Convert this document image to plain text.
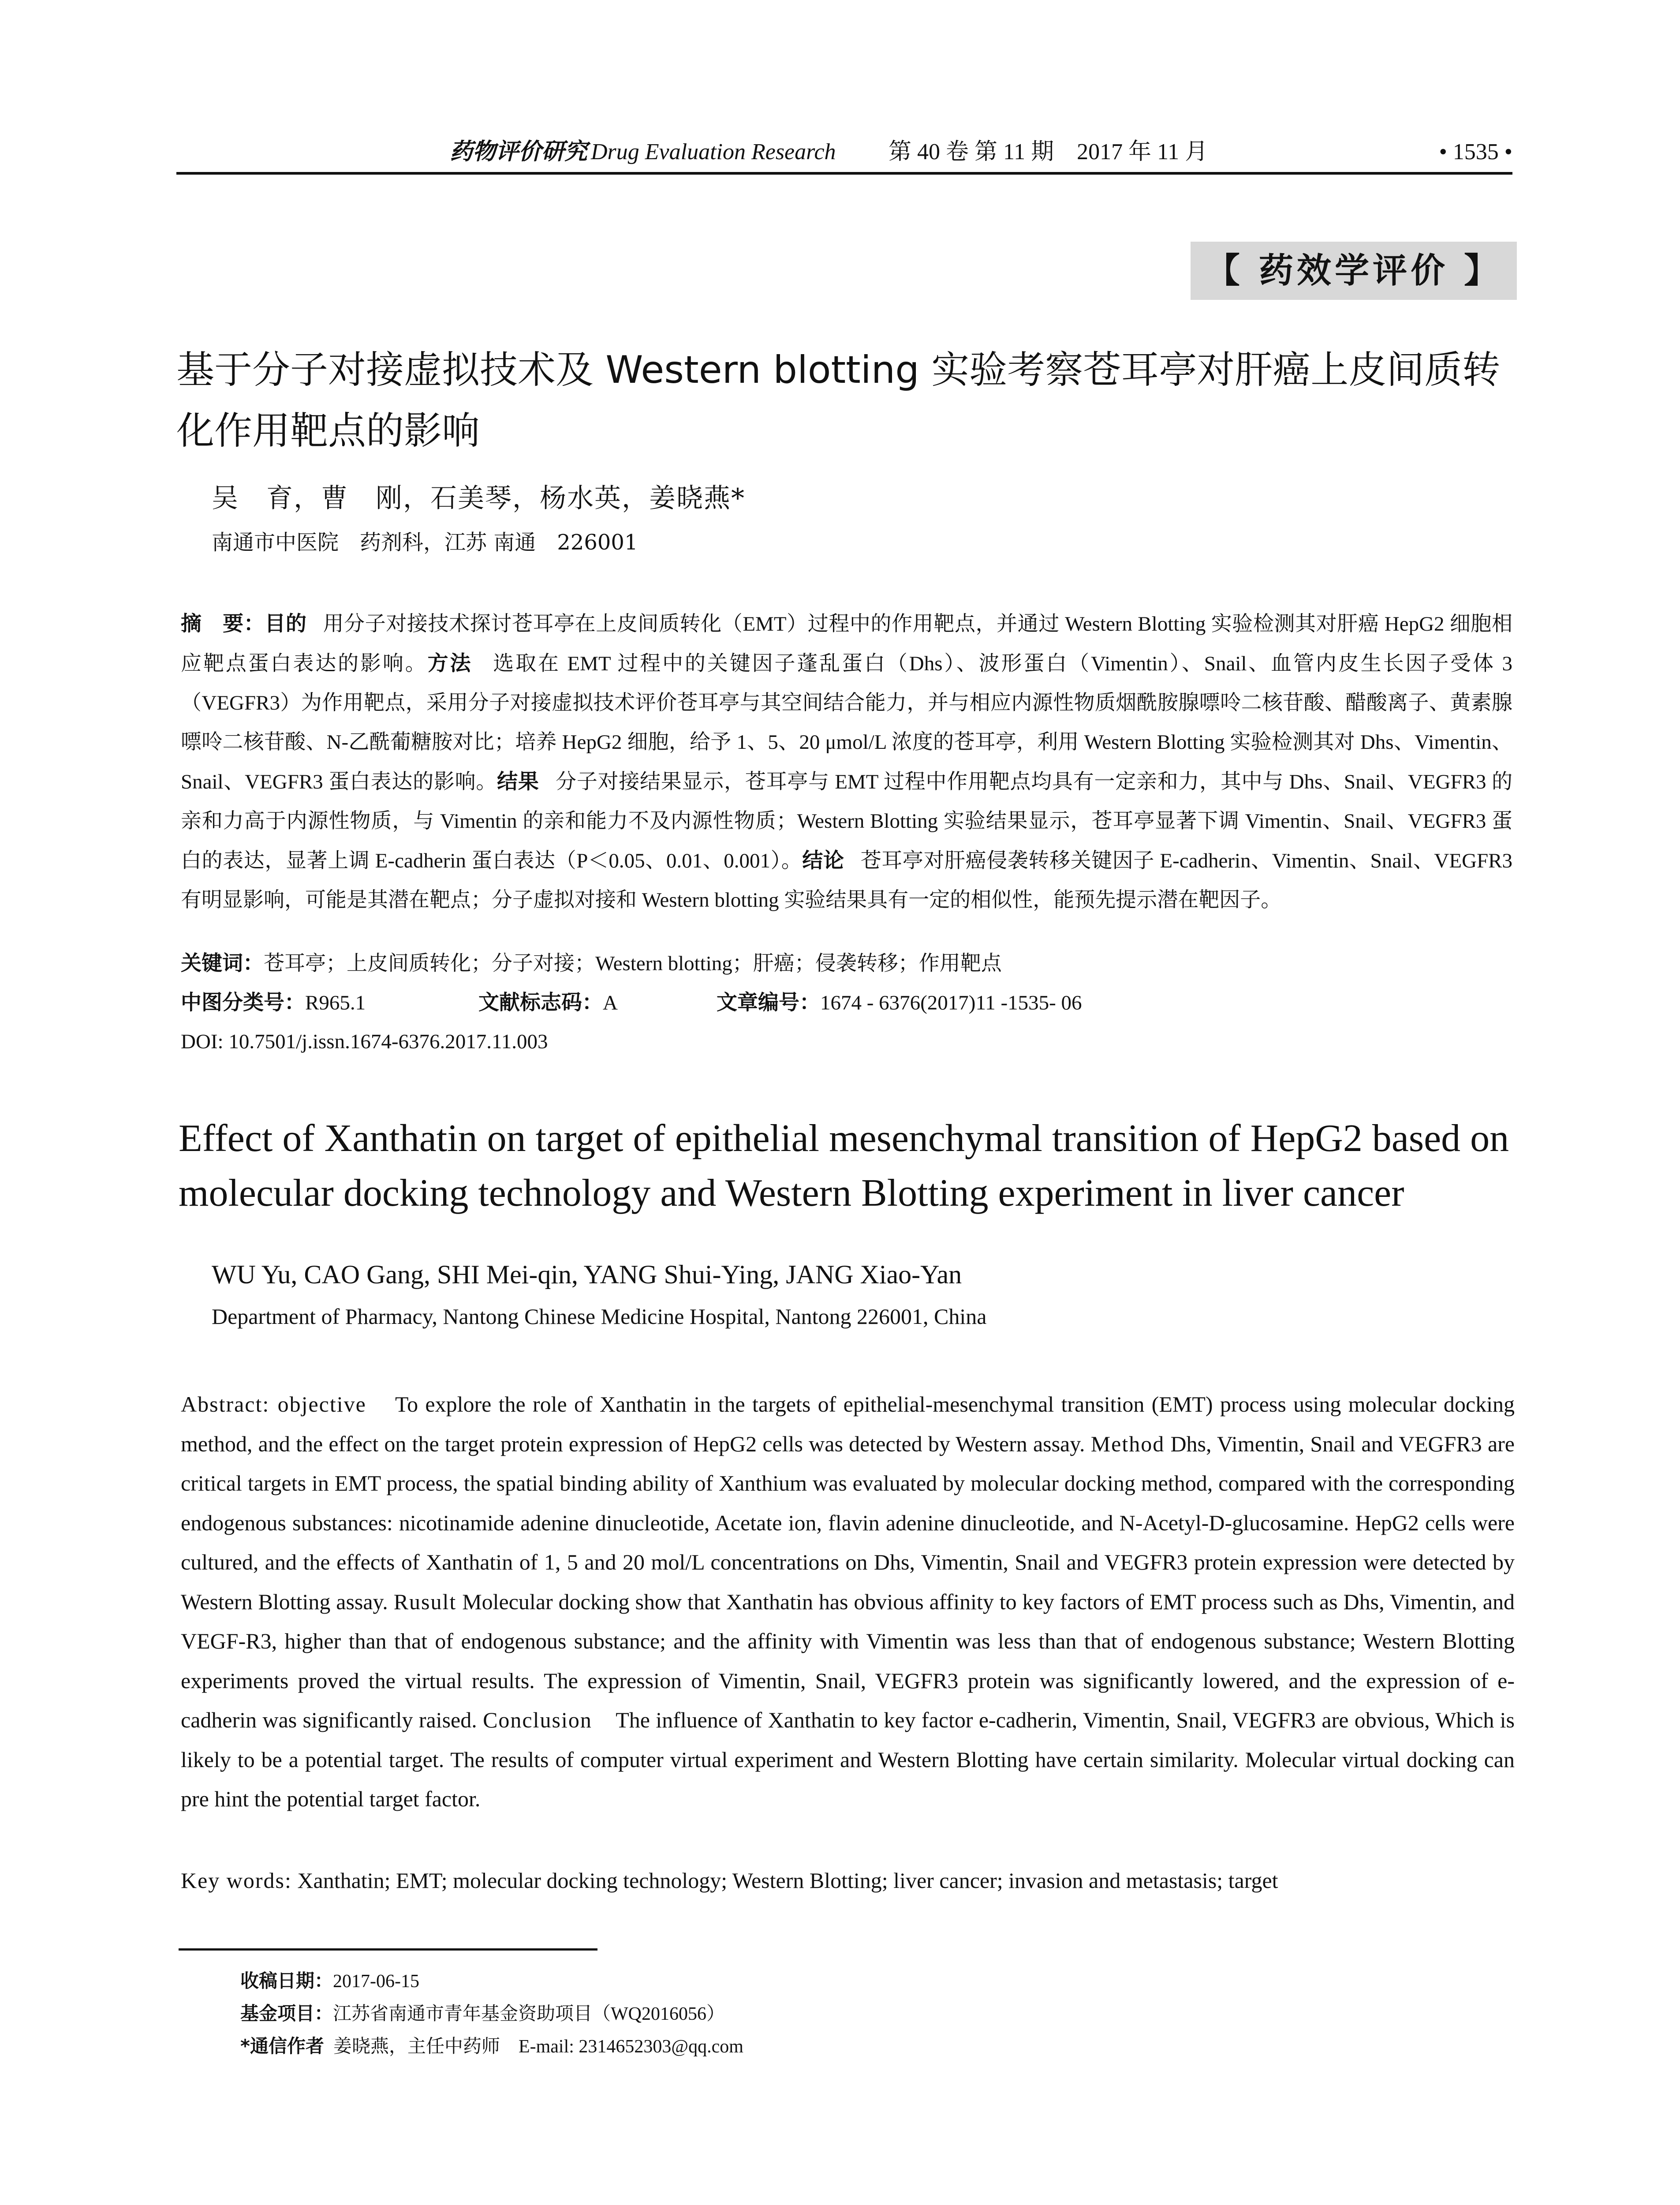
药物评价研究 Drug Evaluation Research 第 40 卷 第 11 期　2017 年 11 月	• 1535 •
【 药效学评价 】
基于分子对接虚拟技术及 Western blotting 实验考察苍耳亭对肝癌上皮间质转化作用靶点的影响
吴　育，曹　刚，石美琴，杨水英，姜晓燕*
南通市中医院　药剂科，江苏 南通　226001
摘　要：目的 用分子对接技术探讨苍耳亭在上皮间质转化（EMT）过程中的作用靶点，并通过 Western Blotting 实验检测其对肝癌 HepG2 细胞相应靶点蛋白表达的影响。方法 选取在 EMT 过程中的关键因子蓬乱蛋白（Dhs）、波形蛋白（Vimentin）、Snail、血管内皮生长因子受体 3（VEGFR3）为作用靶点，采用分子对接虚拟技术评价苍耳亭与其空间结合能力，并与相应内源性物质烟酰胺腺嘌呤二核苷酸、醋酸离子、黄素腺嘌呤二核苷酸、N-乙酰葡糖胺对比；培养 HepG2 细胞，给予 1、5、20 μmol/L 浓度的苍耳亭，利用 Western Blotting 实验检测其对 Dhs、Vimentin、Snail、VEGFR3 蛋白表达的影响。结果 分子对接结果显示，苍耳亭与 EMT 过程中作用靶点均具有一定亲和力，其中与 Dhs、Snail、VEGFR3 的亲和力高于内源性物质，与 Vimentin 的亲和能力不及内源性物质；Western Blotting 实验结果显示，苍耳亭显著下调 Vimentin、Snail、VEGFR3 蛋白的表达，显著上调 E-cadherin 蛋白表达（P＜0.05、0.01、0.001）。结论 苍耳亭对肝癌侵袭转移关键因子 E-cadherin、Vimentin、Snail、VEGFR3 有明显影响，可能是其潜在靶点；分子虚拟对接和 Western blotting 实验结果具有一定的相似性，能预先提示潜在靶因子。
关键词：苍耳亭；上皮间质转化；分子对接；Western blotting；肝癌；侵袭转移；作用靶点
中图分类号：R965.1	文献标志码：A	文章编号：1674 - 6376(2017)11 -1535- 06
DOI: 10.7501/j.issn.1674-6376.2017.11.003
Effect of Xanthatin on target of epithelial mesenchymal transition of HepG2 based on molecular docking technology and Western Blotting experiment in liver cancer
WU Yu, CAO Gang, SHI Mei-qin, YANG Shui-Ying, JANG Xiao-Yan
Department of Pharmacy, Nantong Chinese Medicine Hospital, Nantong 226001, China
Abstract: objective To explore the role of Xanthatin in the targets of epithelial-mesenchymal transition (EMT) process using molecular docking method, and the effect on the target protein expression of HepG2 cells was detected by Western assay. Method Dhs, Vimentin, Snail and VEGFR3 are critical targets in EMT process, the spatial binding ability of Xanthium was evaluated by molecular docking method, compared with the corresponding endogenous substances: nicotinamide adenine dinucleotide, Acetate ion, flavin adenine dinucleotide, and N-Acetyl-D-glucosamine. HepG2 cells were cultured, and the effects of Xanthatin of 1, 5 and 20 mol/L concentrations on Dhs, Vimentin, Snail and VEGFR3 protein expression were detected by Western Blotting assay. Rusult Molecular docking show that Xanthatin has obvious affinity to key factors of EMT process such as Dhs, Vimentin, and VEGF-R3, higher than that of endogenous substance; and the affinity with Vimentin was less than that of endogenous substance; Western Blotting experiments proved the virtual results. The expression of Vimentin, Snail, VEGFR3 protein was significantly lowered, and the expression of e-cadherin was significantly raised. Conclusion The influence of Xanthatin to key factor e-cadherin, Vimentin, Snail, VEGFR3 are obvious, Which is likely to be a potential target. The results of computer virtual experiment and Western Blotting have certain similarity. Molecular virtual docking can pre hint the potential target factor.
Key words: Xanthatin; EMT; molecular docking technology; Western Blotting; liver cancer; invasion and metastasis; target
收稿日期：2017-06-15
基金项目：江苏省南通市青年基金资助项目（WQ2016056）
*通信作者 姜晓燕，主任中药师　E-mail: 2314652303@qq.com
